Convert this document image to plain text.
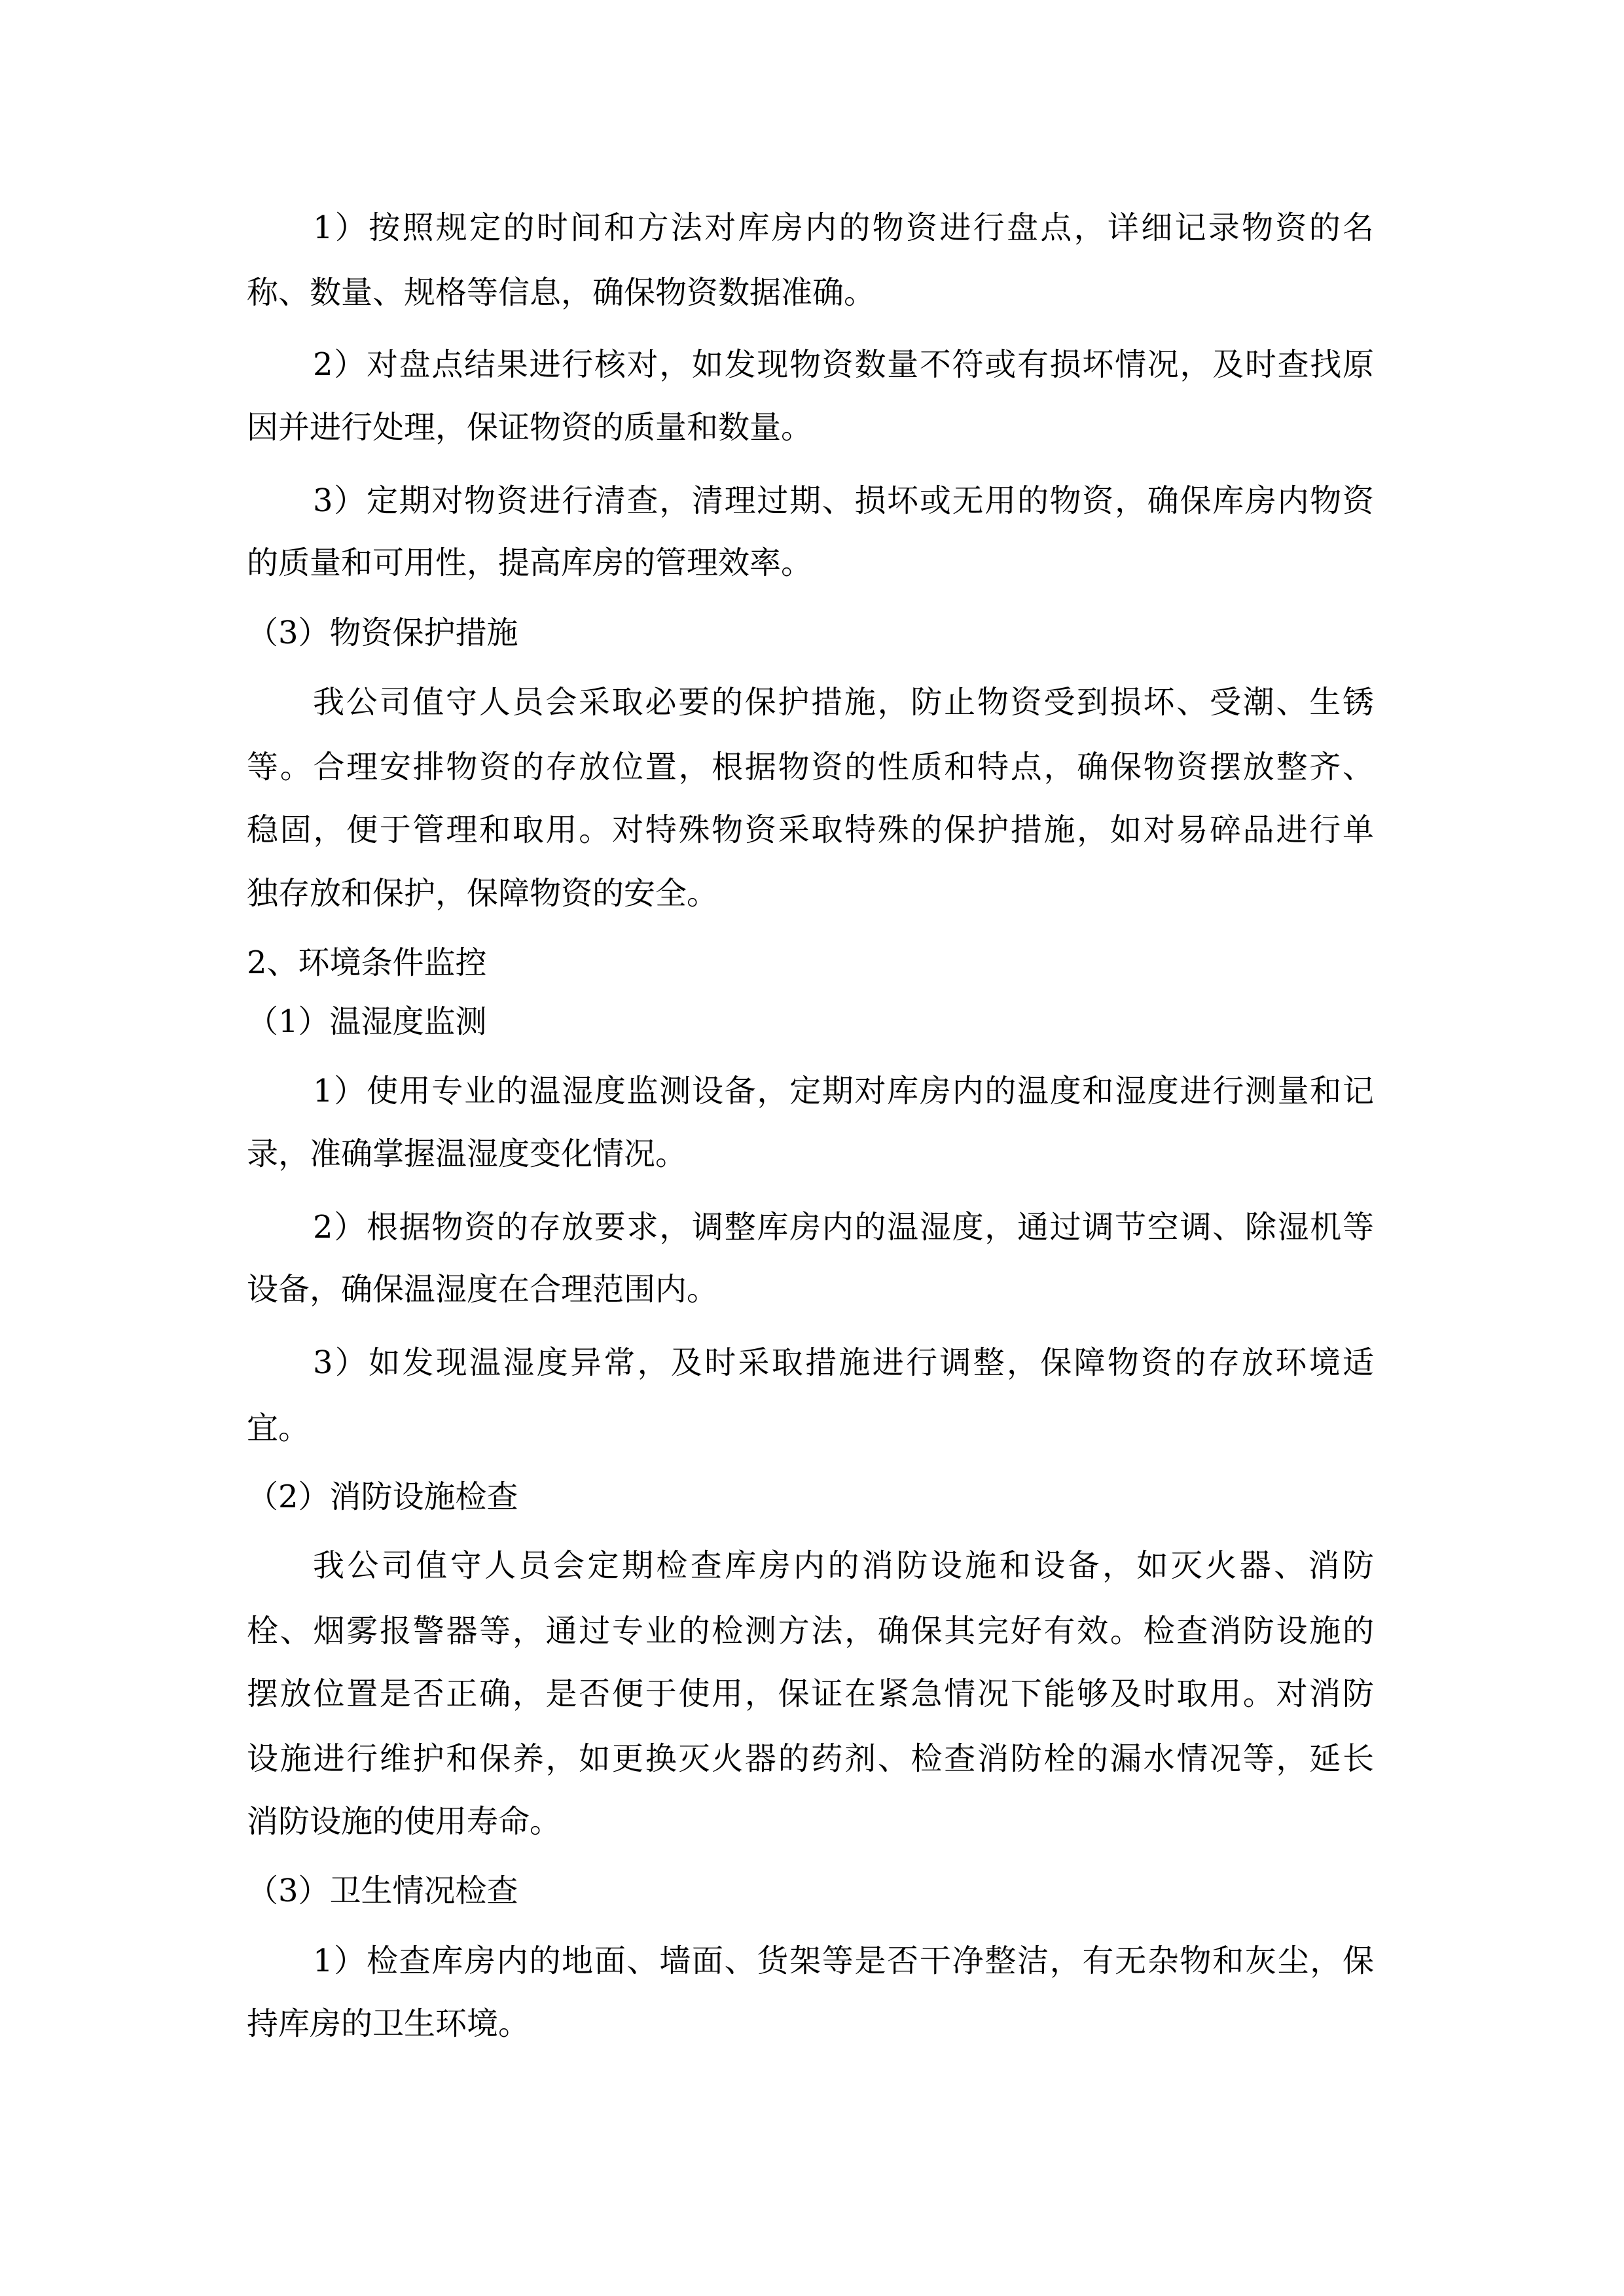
1）按照规定的时间和方法对库房内的物资进行盘点，详细记录物资的名
称、数量、规格等信息，确保物资数据准确。
2）对盘点结果进行核对，如发现物资数量不符或有损坏情况，及时查找原
因并进行处理，保证物资的质量和数量。
3）定期对物资进行清查，清理过期、损坏或无用的物资，确保库房内物资
的质量和可用性，提高库房的管理效率。
（3）物资保护措施
我公司值守人员会采取必要的保护措施，防止物资受到损坏、受潮、生锈
等。合理安排物资的存放位置，根据物资的性质和特点，确保物资摆放整齐、
稳固，便于管理和取用。对特殊物资采取特殊的保护措施，如对易碎品进行单
独存放和保护，保障物资的安全。
2、环境条件监控
（1）温湿度监测
1）使用专业的温湿度监测设备，定期对库房内的温度和湿度进行测量和记
录，准确掌握温湿度变化情况。
2）根据物资的存放要求，调整库房内的温湿度，通过调节空调、除湿机等
设备，确保温湿度在合理范围内。
3）如发现温湿度异常，及时采取措施进行调整，保障物资的存放环境适
宜。
（2）消防设施检查
我公司值守人员会定期检查库房内的消防设施和设备，如灭火器、消防
栓、烟雾报警器等，通过专业的检测方法，确保其完好有效。检查消防设施的
摆放位置是否正确，是否便于使用，保证在紧急情况下能够及时取用。对消防
设施进行维护和保养，如更换灭火器的药剂、检查消防栓的漏水情况等，延长
消防设施的使用寿命。
（3）卫生情况检查
1）检查库房内的地面、墙面、货架等是否干净整洁，有无杂物和灰尘，保
持库房的卫生环境。
